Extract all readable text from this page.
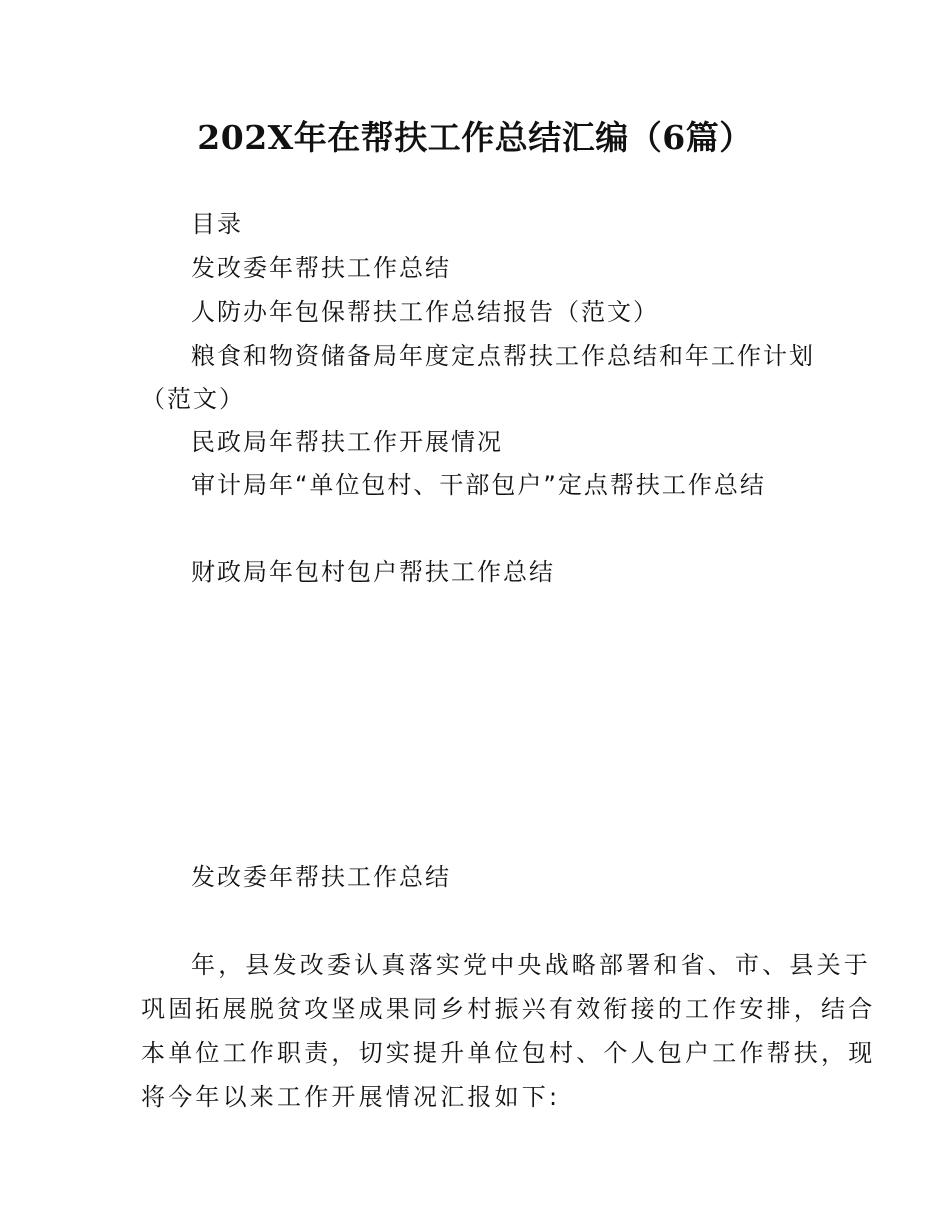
202X年在帮扶工作总结汇编（6篇）
目录
发改委年帮扶工作总结
人防办年包保帮扶工作总结报告（范文）
粮食和物资储备局年度定点帮扶工作总结和年工作计划
（范文）
民政局年帮扶工作开展情况
审计局年“单位包村、干部包户”定点帮扶工作总结
财政局年包村包户帮扶工作总结
发改委年帮扶工作总结
年，县发改委认真落实党中央战略部署和省、市、县关于
巩固拓展脱贫攻坚成果同乡村振兴有效衔接的工作安排，结合
本单位工作职责，切实提升单位包村、个人包户工作帮扶，现
将今年以来工作开展情况汇报如下:
